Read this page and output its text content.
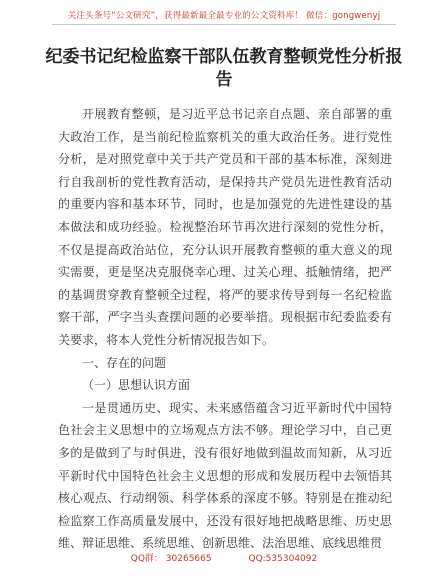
关注头条号“公文研究”，获得最新最全最专业的公文资料库！ 微信：gongwenyj
纪委书记纪检监察干部队伍教育整顿党性分析报告

开展教育整顿，是习近平总书记亲自点题、亲自部署的重大政治工作，是当前纪检监察机关的重大政治任务。进行党性分析，是对照党章中关于共产党员和干部的基本标准，深刻进行自我剖析的党性教育活动，是保持共产党员先进性教育活动的重要内容和基本环节，同时，也是加强党的先进性建设的基本做法和成功经验。检视整治环节再次进行深刻的党性分析，不仅是提高政治站位，充分认识开展教育整顿的重大意义的现实需要，更是坚决克服侥幸心理、过关心理、抵触情绪，把严的基调贯穿教育整顿全过程，将严的要求传导到每一名纪检监察干部，严字当头查摆问题的必要举措。现根据市纪委监委有关要求，将本人党性分析情况报告如下。

一、存在的问题

（一）思想认识方面

一是贯通历史、现实、未来感悟蕴含习近平新时代中国特色社会主义思想中的立场观点方法不够。理论学习中，自己更多的是做到了与时俱进，没有很好地做到温故而知新，从习近平新时代中国特色社会主义思想的形成和发展历程中去领悟其核心观点、行动纲领、科学体系的深度不够。特别是在推动纪检监察工作高质量发展中，还没有很好地把战略思维、历史思维、辩证思维、系统思维、创新思维、法治思维、底线思维贯

QQ群： 30265665	QQ:535304092
